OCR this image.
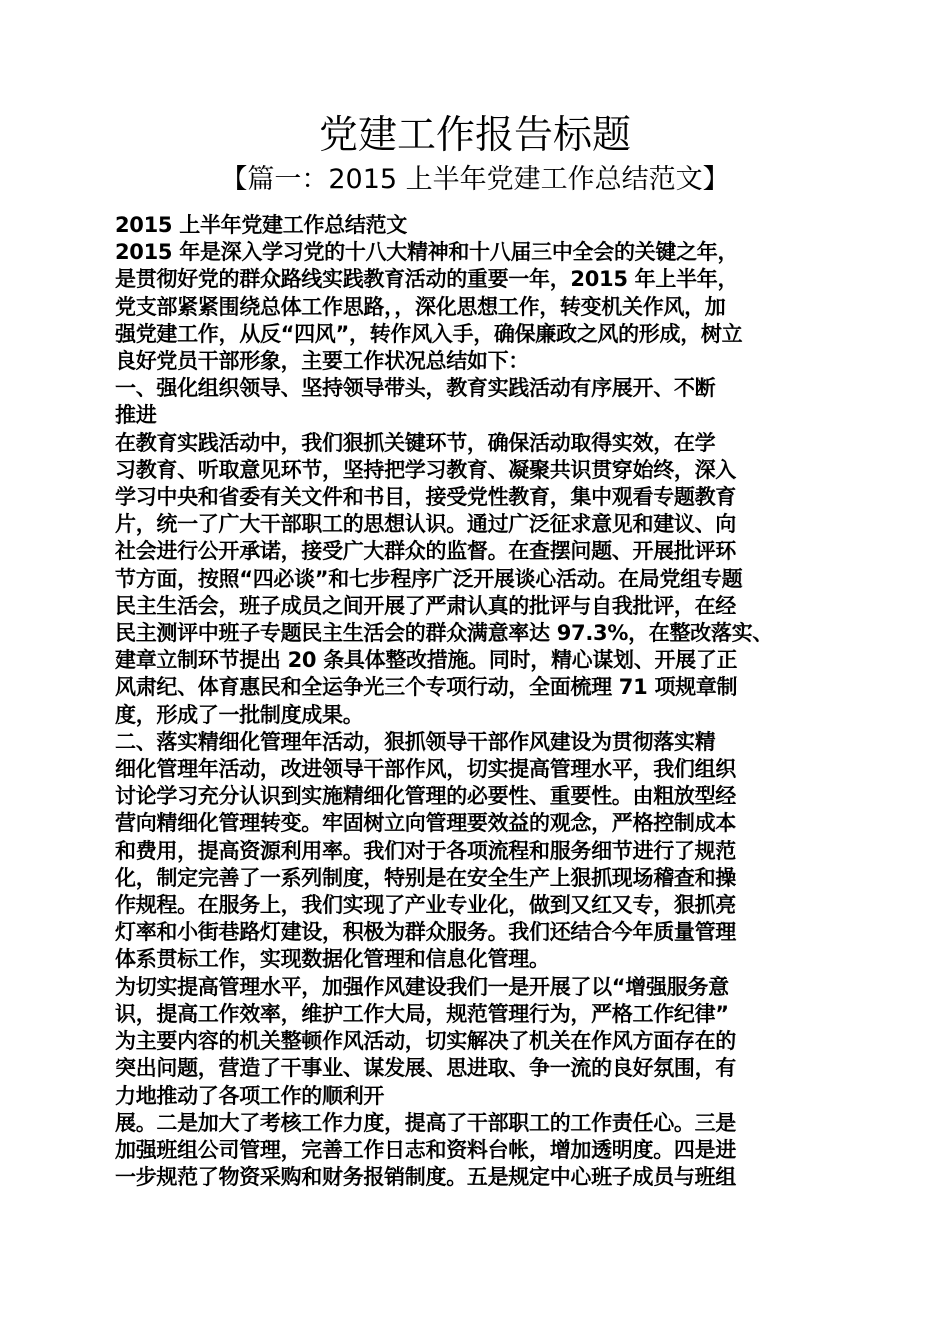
党建工作报告标题
【篇一：2015 上半年党建工作总结范文】

2015 上半年党建工作总结范文

2015 年是深入学习党的十八大精神和十八届三中全会的关键之年，

是贯彻好党的群众路线实践教育活动的重要一年，2015 年上半年，

党支部紧紧围绕总体工作思路，，深化思想工作，转变机关作风，加

强党建工作，从反“四风”，转作风入手，确保廉政之风的形成，树立

良好党员干部形象，主要工作状况总结如下：

一、强化组织领导、坚持领导带头，教育实践活动有序展开、不断

推进

在教育实践活动中，我们狠抓关键环节，确保活动取得实效，在学

习教育、听取意见环节，坚持把学习教育、凝聚共识贯穿始终，深入

学习中央和省委有关文件和书目，接受党性教育，集中观看专题教育

片，统一了广大干部职工的思想认识。通过广泛征求意见和建议、向

社会进行公开承诺，接受广大群众的监督。在查摆问题、开展批评环

节方面，按照“四必谈”和七步程序广泛开展谈心活动。在局党组专题

民主生活会，班子成员之间开展了严肃认真的批评与自我批评，在经

民主测评中班子专题民主生活会的群众满意率达 97.3%，在整改落实、

建章立制环节提出 20 条具体整改措施。同时，精心谋划、开展了正

风肃纪、体育惠民和全运争光三个专项行动，全面梳理 71 项规章制

度，形成了一批制度成果。

二、落实精细化管理年活动，狠抓领导干部作风建设为贯彻落实精

细化管理年活动，改进领导干部作风，切实提高管理水平，我们组织

讨论学习充分认识到实施精细化管理的必要性、重要性。由粗放型经

营向精细化管理转变。牢固树立向管理要效益的观念，严格控制成本

和费用，提高资源利用率。我们对于各项流程和服务细节进行了规范

化，制定完善了一系列制度，特别是在安全生产上狠抓现场稽查和操

作规程。在服务上，我们实现了产业专业化，做到又红又专，狠抓亮

灯率和小街巷路灯建设，积极为群众服务。我们还结合今年质量管理

体系贯标工作，实现数据化管理和信息化管理。

为切实提高管理水平，加强作风建设我们一是开展了以“增强服务意

识，提高工作效率，维护工作大局，规范管理行为，严格工作纪律”

为主要内容的机关整顿作风活动，切实解决了机关在作风方面存在的

突出问题，营造了干事业、谋发展、思进取、争一流的良好氛围，有

力地推动了各项工作的顺利开

展。二是加大了考核工作力度，提高了干部职工的工作责任心。三是

加强班组公司管理，完善工作日志和资料台帐，增加透明度。四是进

一步规范了物资采购和财务报销制度。五是规定中心班子成员与班组
